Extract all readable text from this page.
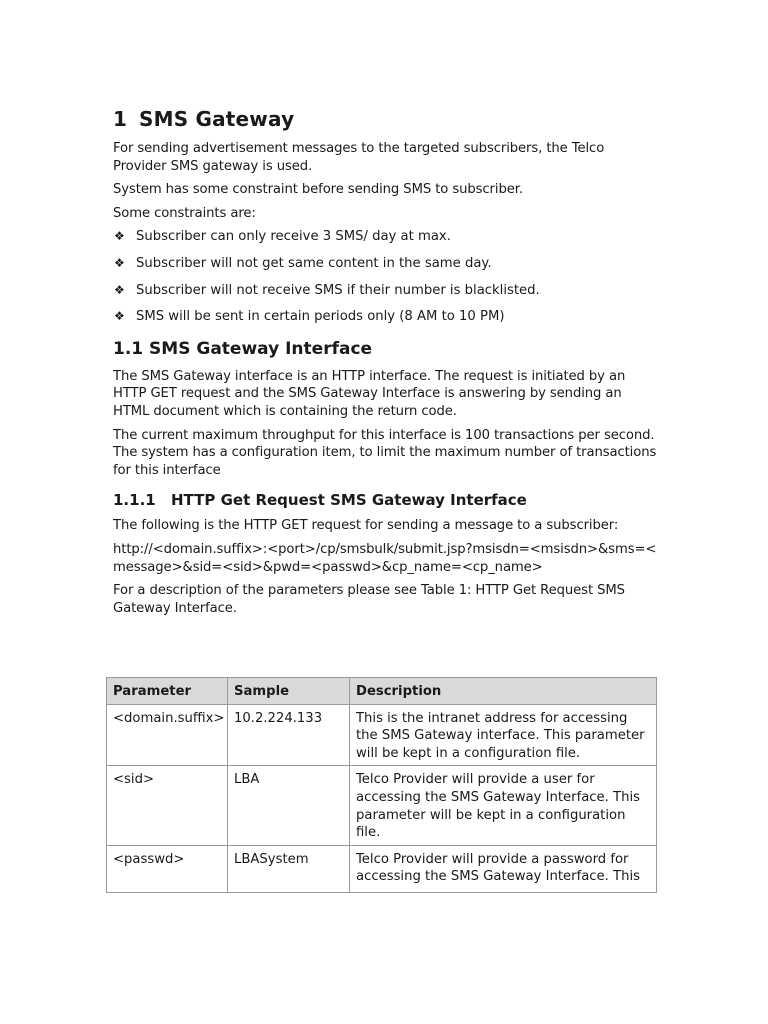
1 SMS Gateway

For sending advertisement messages to the targeted subscribers, the Telco Provider SMS gateway is used.

System has some constraint before sending SMS to subscriber.

Some constraints are:

❖ Subscriber can only receive 3 SMS/ day at max.
❖ Subscriber will not get same content in the same day.
❖ Subscriber will not receive SMS if their number is blacklisted.
❖ SMS will be sent in certain periods only (8 AM to 10 PM)
1.1 SMS Gateway Interface

The SMS Gateway interface is an HTTP interface. The request is initiated by an HTTP GET request and the SMS Gateway Interface is answering by sending an HTML document which is containing the return code.

The current maximum throughput for this interface is 100 transactions per second. The system has a configuration item, to limit the maximum number of transactions for this interface

1.1.1 HTTP Get Request SMS Gateway Interface

The following is the HTTP GET request for sending a message to a subscriber:

http://<domain.suffix>:<port>/cp/smsbulk/submit.jsp?msisdn=<msisdn>&sms=<message>&sid=<sid>&pwd=<passwd>&cp_name=<cp_name>

For a description of the parameters please see Table 1: HTTP Get Request SMS Gateway Interface.

Parameter	Sample	Description
<domain.suffix>	10.2.224.133	This is the intranet address for accessing the SMS Gateway interface. This parameter will be kept in a configuration file.
<sid>	LBA	Telco Provider will provide a user for accessing the SMS Gateway Interface. This parameter will be kept in a configuration file.
<passwd>	LBASystem	Telco Provider will provide a password for accessing the SMS Gateway Interface. This
